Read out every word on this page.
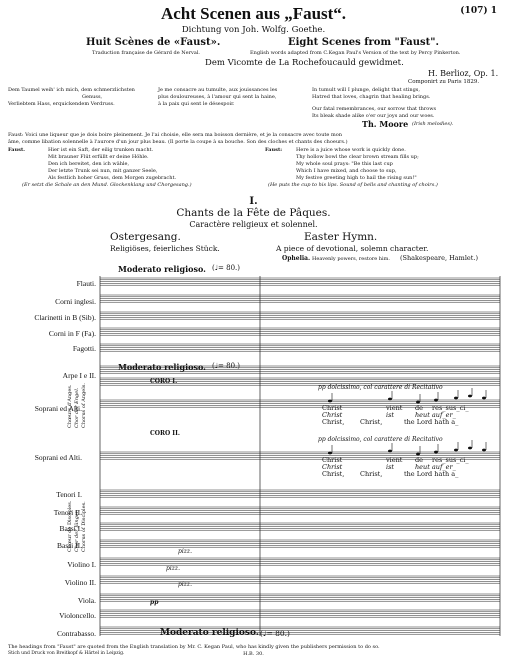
Acht Scenen aus „Faust“.	(107) 1
Dichtung von Joh. Wolfg. Goethe.
Huit Scènes de «Faust».	Eight Scenes from "Faust".
Traduction française de Gérard de Nerval.	English words adapted from C.Kegan Paul's Version of the text by Percy Pinkerton.
Dem Vicomte de La Rochefoucauld gewidmet.
H. Berlioz, Op. 1.
Componirt zu Paris 1829.
Dem Taumel weih' ich mich, dem schmerzlichsten
Genuss,
Verliebtem Hass, erquickendem Verdruss.
Je me consacre au tumulte, aux jouissances les
plus douloureuses, à l'amour qui sent la haine,
à la paix qui sent le désespoir.
In tumult will I plunge, delight that stings,
Hatred that loves, chagrin that healing brings.
Our fatal remembrances, our sorrow that throws
Its bleak shade alike o'er our joys and our woes.
Th. Moore (Irish melodies).
Faust: Voici une liqueur que je dois boire pleinement. Je l'ai choisie, elle sera ma boisson dernière, et je la consacre avec toute mon
âme, comme libation solennelle à l'aurore d'un jour plus beau. (Il porte la coupe à sa bouche. Son des cloches et chants des choeurs.)
Faust.	Hier ist ein Saft, der eilig trunken macht.
Mit brauner Flüt erfüllt er deine Höhle.
Den ich bereitet, den ich wähle,
Der letzte Trunk sei nun, mit ganzer Seele,
Als festlich hoher Gruss, dem Morgen zugebracht.
(Er setzt die Schale an den Mund. Glockenklang und Chorgesang.)
Faust:	Here is a juice whose work is quickly done.
Thy hollow bowl the clear brown stream fills up;
My whole soul prays: "Be this last cup
Which I have mixed, and choose to sup,
My festive greeting high to hail the rising sun!"
(He puts the cup to his lips. Sound of bells and chanting of choirs.)
I.
Chants de la Fête de Pâques.
Caractère religieux et solennel.
Ostergesang.
Religiöses, feierliches Stück.
Easter Hymn.
A piece of devotional, solemn character.
Ophelia. Heavenly powers, restore him. (Shakespeare, Hamlet.)
Moderato religioso. (♩= 80.)
Moderato religioso. (♩= 80.)
Moderato religioso. (♩= 80.)
Flauti.
Corni inglesi.
Clarinetti in B (Sib).
Corni in F (Fa).
Fagotti.
Arpe I e II.
Soprani ed Alti.
Soprani ed Alti.
Tenori I.
Tenori II.
Bassi I.
Bassi II.
Violino I.
Violino II.
Viola.
Violoncello.
Contrabasso.
Chœurs d'Anges. Chor der Engel. Chorus of Angels.
Chœur de Disciples. Chor der Jünger. Chorus of Disciples.
CORO I.
CORO II.
pp dolcissimo, col carattere di Recitativo
pp dolcissimo, col carattere di Recitativo
Christ	vient de res_sus_ci_
Christ	ist	heut auf_er_
Christ, Christ,	the Lord hath a_
Christ	vient de res_sus_ci_
Christ	ist	heut auf_er_
Christ, Christ,	the Lord hath a_
pizz.
pizz.
pizz.
pp
The headings from "Faust" are quoted from the English translation by Mr. C. Kegan Paul, who has kindly given the publishers permission to do so.
Stich und Druck von Breitkopf & Härtel in Leipzig.	H.B. 30.
